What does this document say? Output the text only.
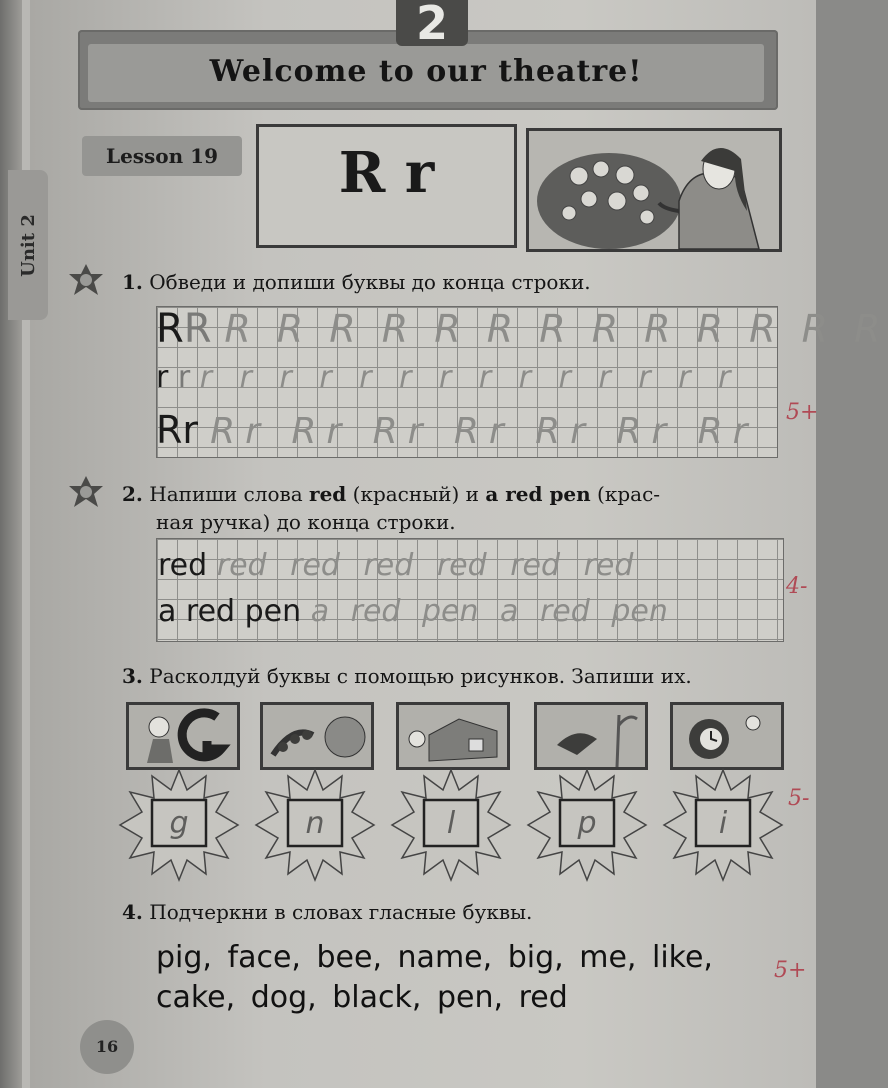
2
Welcome to our theatre!
Unit 2
Lesson 19	R r
1. Обведи и допиши буквы до конца строки.
RR R R R R R R R R R R R R R
r r r r r r r r r r r r r r r r
Rr Rr Rr Rr Rr Rr Rr Rr 5+
2. Напиши слова red (красный) и a red pen (крас-
ная ручка) до конца строки.
red red red red red red red
a red pen a red pen a red pen
4-
3. Расколдуй буквы с помощью рисунков. Запиши их.
g	n	l	p	i
5-
4. Подчеркни в словах гласные буквы.
pig, face, bee, name, big, me, like,
cake, dog, black, pen, red
5+
16
